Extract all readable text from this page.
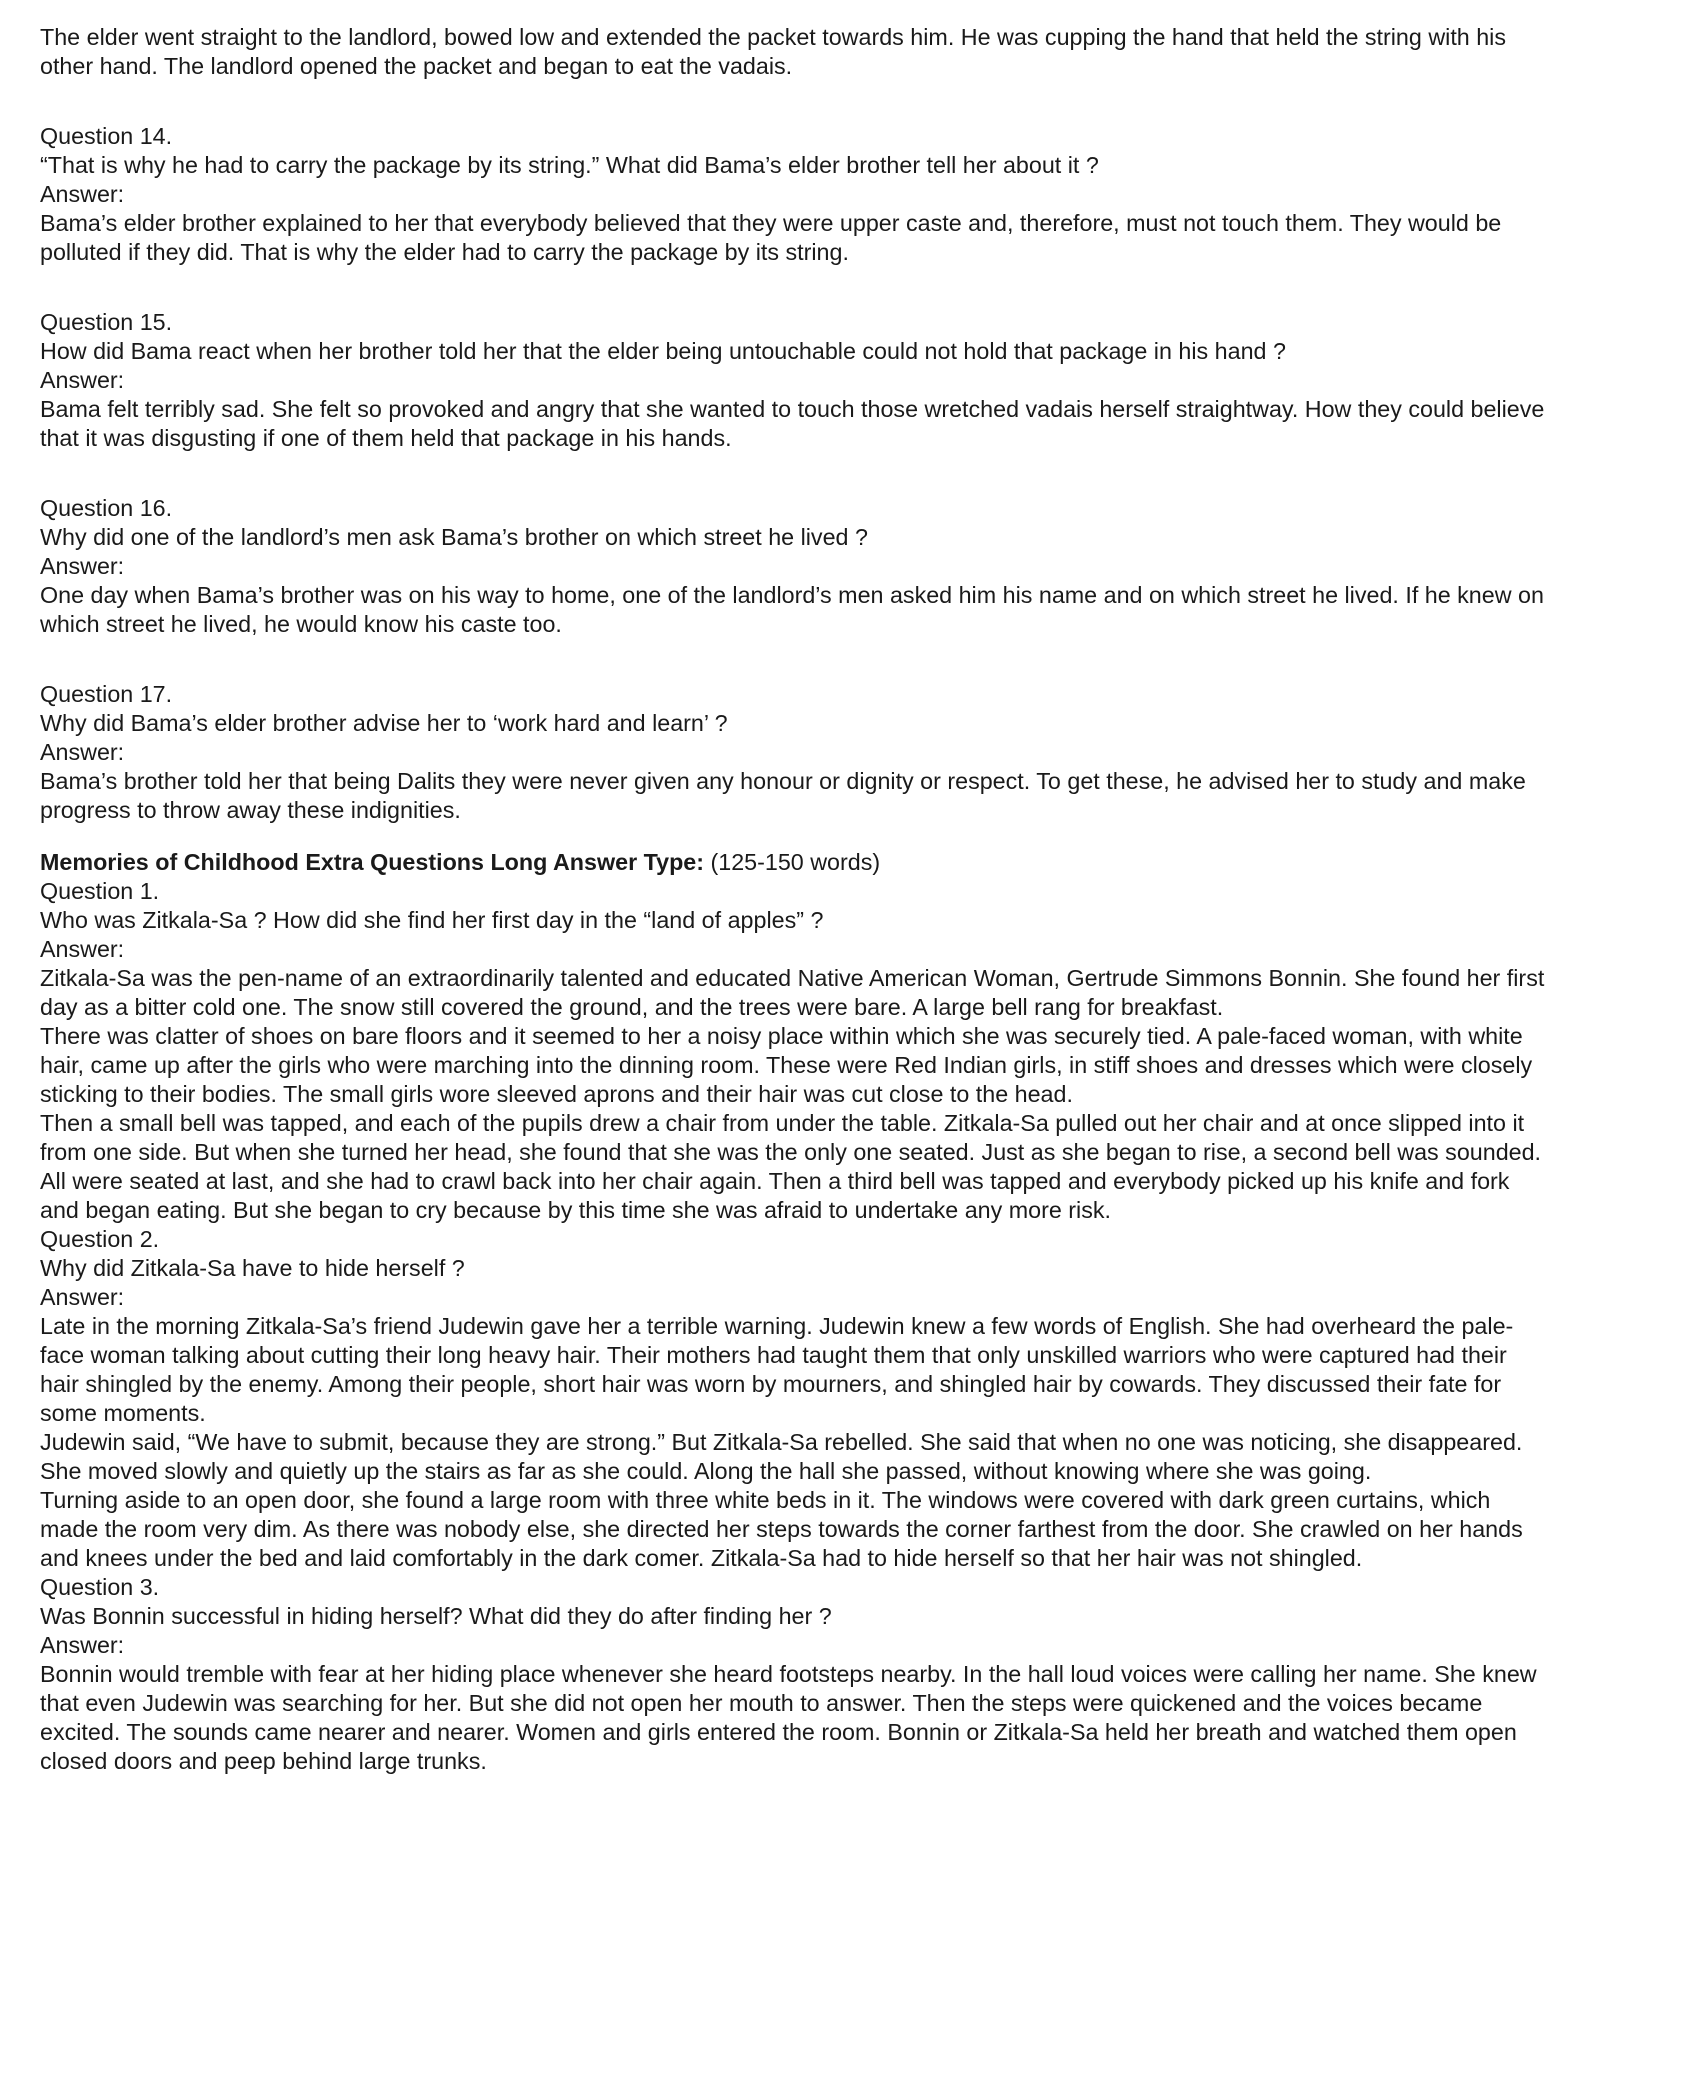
The elder went straight to the landlord, bowed low and extended the packet towards him. He was cupping the hand that held the string with his
other hand. The landlord opened the packet and began to eat the vadais.

Question 14.

“That is why he had to carry the package by its string.” What did Bama’s elder brother tell her about it ?

Answer:

Bama’s elder brother explained to her that everybody believed that they were upper caste and, therefore, must not touch them. They would be
polluted if they did. That is why the elder had to carry the package by its string.

Question 15.

How did Bama react when her brother told her that the elder being untouchable could not hold that package in his hand ?

Answer:

Bama felt terribly sad. She felt so provoked and angry that she wanted to touch those wretched vadais herself straightway. How they could believe
that it was disgusting if one of them held that package in his hands.

Question 16.

Why did one of the landlord’s men ask Bama’s brother on which street he lived ?

Answer:

One day when Bama’s brother was on his way to home, one of the landlord’s men asked him his name and on which street he lived. If he knew on
which street he lived, he would know his caste too.

Question 17.

Why did Bama’s elder brother advise her to ‘work hard and learn’ ?

Answer:

Bama’s brother told her that being Dalits they were never given any honour or dignity or respect. To get these, he advised her to study and make
progress to throw away these indignities.

Memories of Childhood Extra Questions Long Answer Type: (125-150 words)

Question 1.

Who was Zitkala-Sa ? How did she find her first day in the “land of apples” ?

Answer:

Zitkala-Sa was the pen-name of an extraordinarily talented and educated Native American Woman, Gertrude Simmons Bonnin. She found her first
day as a bitter cold one. The snow still covered the ground, and the trees were bare. A large bell rang for breakfast.

There was clatter of shoes on bare floors and it seemed to her a noisy place within which she was securely tied. A pale-faced woman, with white
hair, came up after the girls who were marching into the dinning room. These were Red Indian girls, in stiff shoes and dresses which were closely
sticking to their bodies. The small girls wore sleeved aprons and their hair was cut close to the head.

Then a small bell was tapped, and each of the pupils drew a chair from under the table. Zitkala-Sa pulled out her chair and at once slipped into it
from one side. But when she turned her head, she found that she was the only one seated. Just as she began to rise, a second bell was sounded.
All were seated at last, and she had to crawl back into her chair again. Then a third bell was tapped and everybody picked up his knife and fork
and began eating. But she began to cry because by this time she was afraid to undertake any more risk.

Question 2.

Why did Zitkala-Sa have to hide herself ?

Answer:

Late in the morning Zitkala-Sa’s friend Judewin gave her a terrible warning. Judewin knew a few words of English. She had overheard the pale-
face woman talking about cutting their long heavy hair. Their mothers had taught them that only unskilled warriors who were captured had their
hair shingled by the enemy. Among their people, short hair was worn by mourners, and shingled hair by cowards. They discussed their fate for
some moments.

Judewin said, “We have to submit, because they are strong.” But Zitkala-Sa rebelled. She said that when no one was noticing, she disappeared.
She moved slowly and quietly up the stairs as far as she could. Along the hall she passed, without knowing where she was going.

Turning aside to an open door, she found a large room with three white beds in it. The windows were covered with dark green curtains, which
made the room very dim. As there was nobody else, she directed her steps towards the corner farthest from the door. She crawled on her hands
and knees under the bed and laid comfortably in the dark comer. Zitkala-Sa had to hide herself so that her hair was not shingled.

Question 3.

Was Bonnin successful in hiding herself? What did they do after finding her ?

Answer:

Bonnin would tremble with fear at her hiding place whenever she heard footsteps nearby. In the hall loud voices were calling her name. She knew
that even Judewin was searching for her. But she did not open her mouth to answer. Then the steps were quickened and the voices became
excited. The sounds came nearer and nearer. Women and girls entered the room. Bonnin or Zitkala-Sa held her breath and watched them open
closed doors and peep behind large trunks.
